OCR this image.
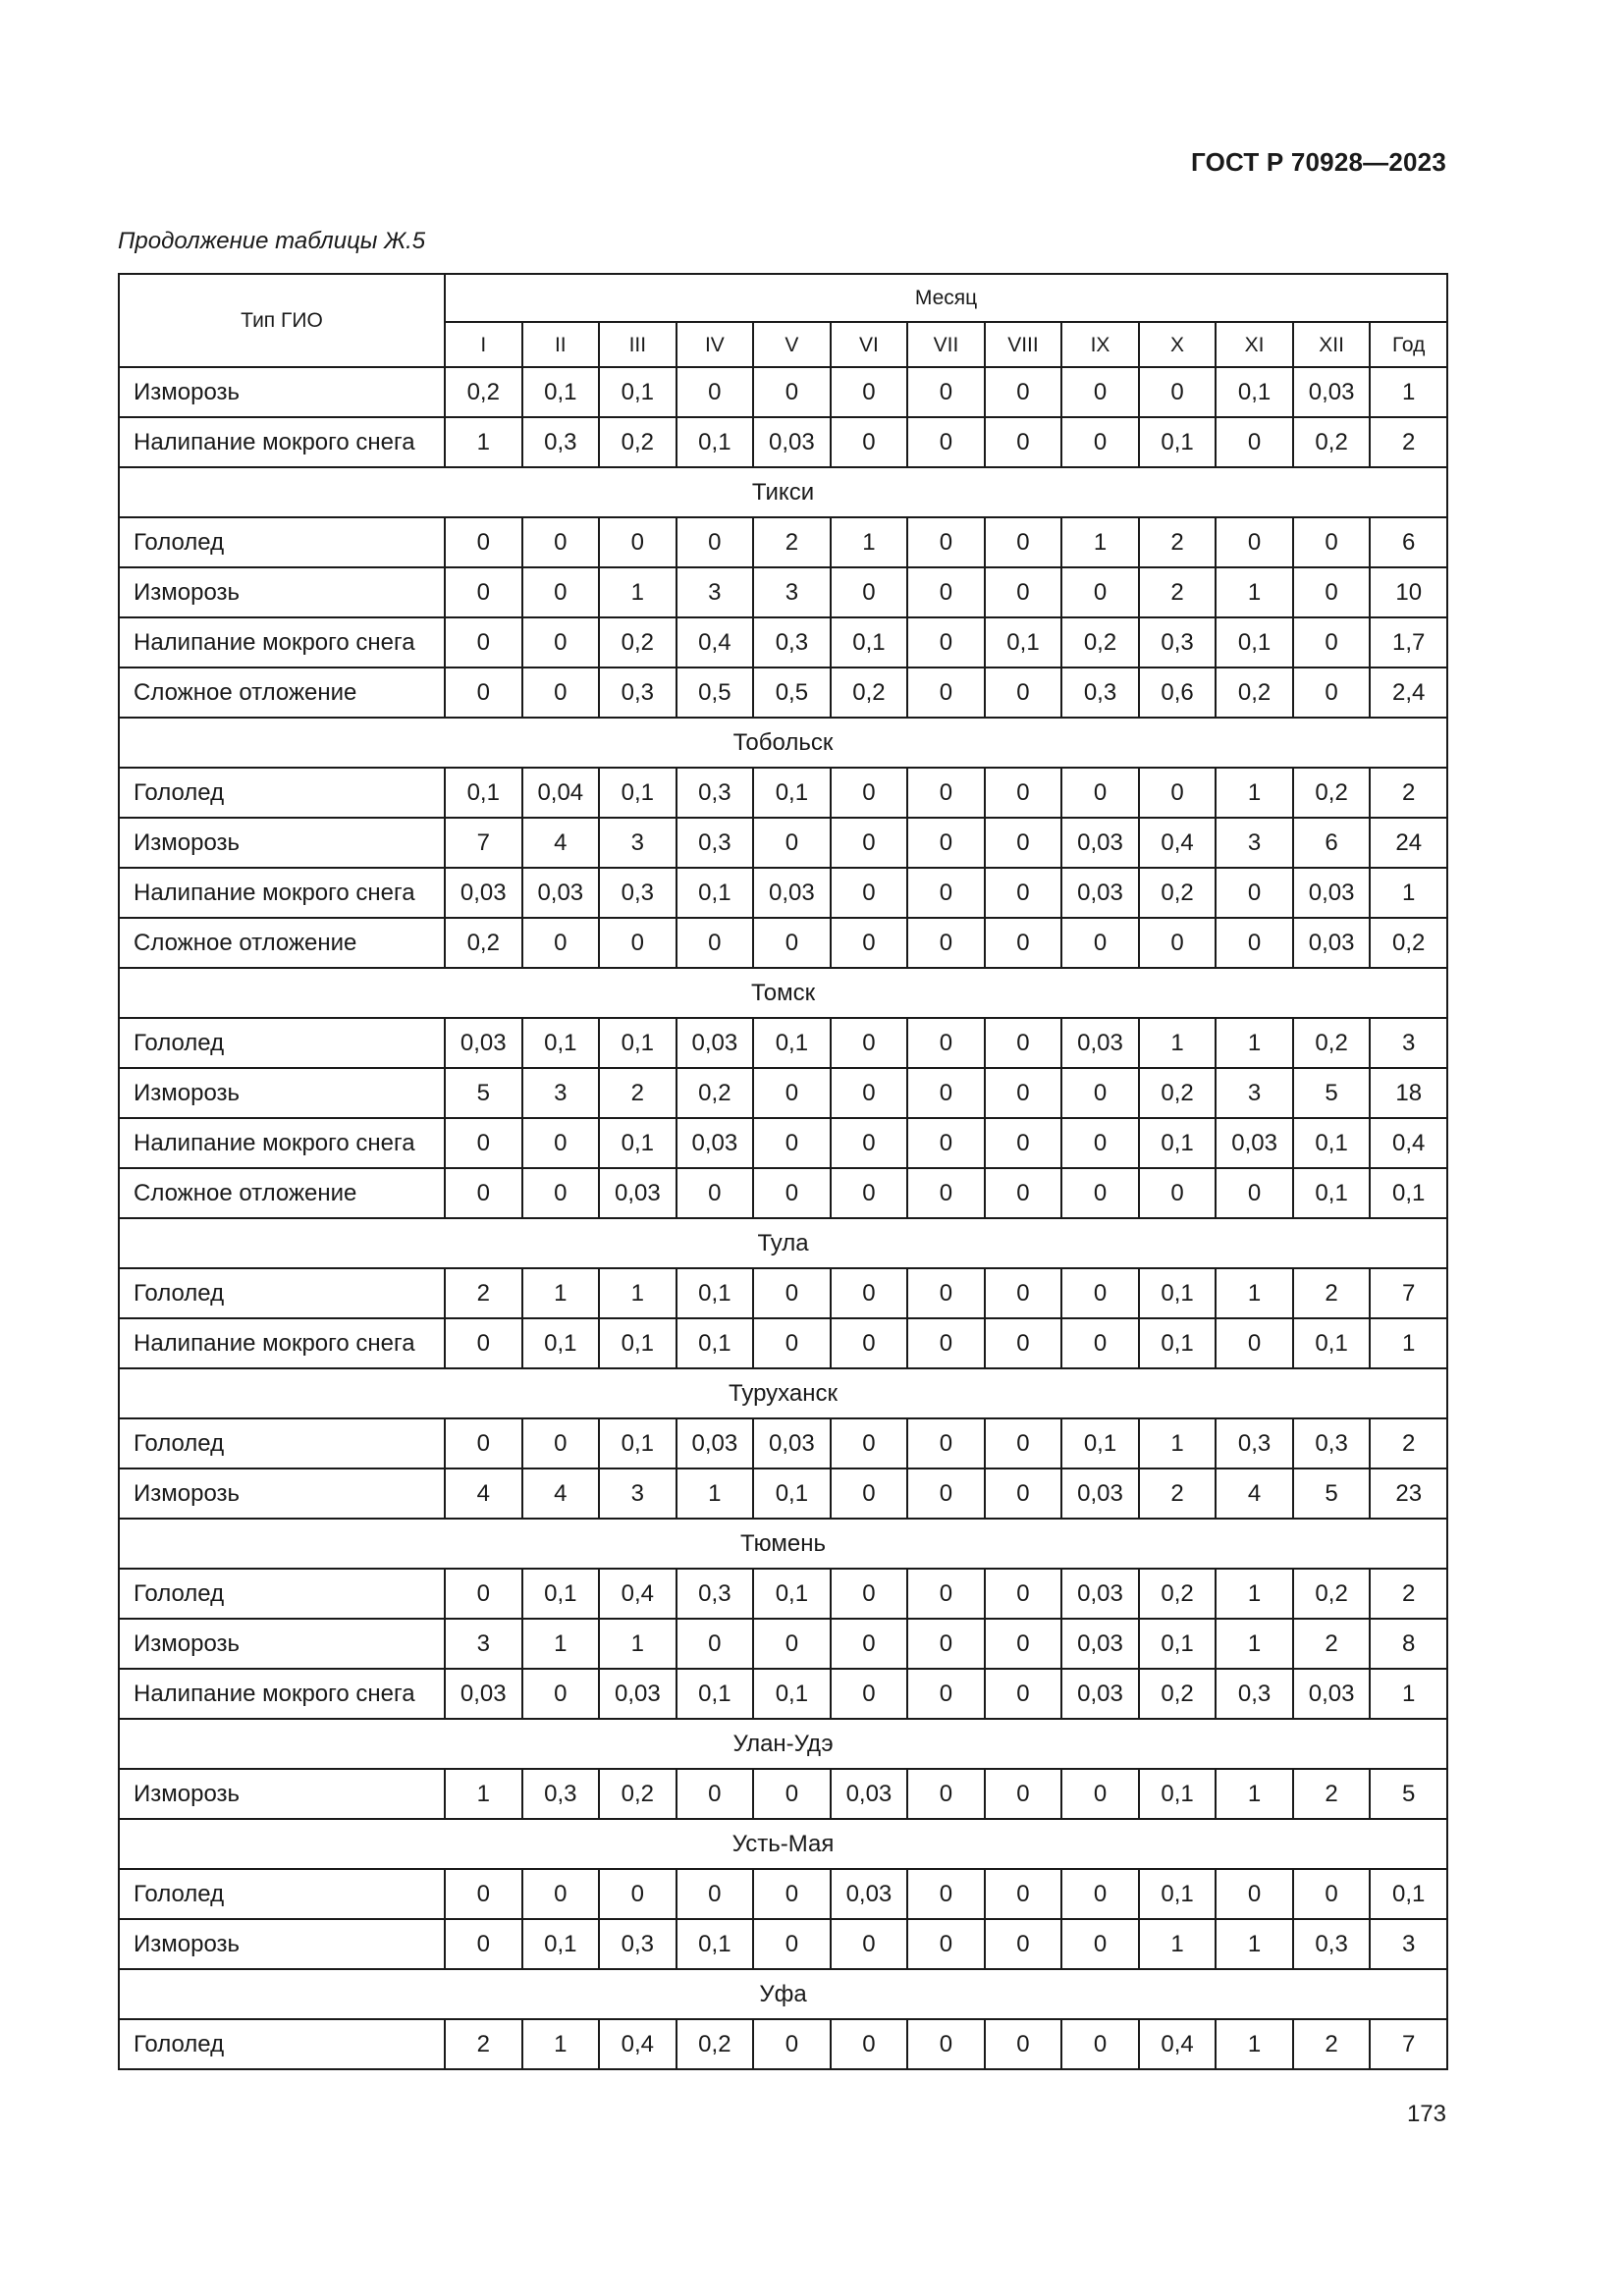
ГОСТ Р 70928—2023
Продолжение таблицы Ж.5
Тип ГИО	Месяц												
	I	II	III	IV	V	VI	VII	VIII	IX	X	XI	XII	Год
Изморозь	0,2	0,1	0,1	0	0	0	0	0	0	0	0,1	0,03	1
Налипание мокрого снега	1	0,3	0,2	0,1	0,03	0	0	0	0	0,1	0	0,2	2
Тикси													
Гололед	0	0	0	0	2	1	0	0	1	2	0	0	6
Изморозь	0	0	1	3	3	0	0	0	0	2	1	0	10
Налипание мокрого снега	0	0	0,2	0,4	0,3	0,1	0	0,1	0,2	0,3	0,1	0	1,7
Сложное отложение	0	0	0,3	0,5	0,5	0,2	0	0	0,3	0,6	0,2	0	2,4
Тобольск													
Гололед	0,1	0,04	0,1	0,3	0,1	0	0	0	0	0	1	0,2	2
Изморозь	7	4	3	0,3	0	0	0	0	0,03	0,4	3	6	24
Налипание мокрого снега	0,03	0,03	0,3	0,1	0,03	0	0	0	0,03	0,2	0	0,03	1
Сложное отложение	0,2	0	0	0	0	0	0	0	0	0	0	0,03	0,2
Томск													
Гололед	0,03	0,1	0,1	0,03	0,1	0	0	0	0,03	1	1	0,2	3
Изморозь	5	3	2	0,2	0	0	0	0	0	0,2	3	5	18
Налипание мокрого снега	0	0	0,1	0,03	0	0	0	0	0	0,1	0,03	0,1	0,4
Сложное отложение	0	0	0,03	0	0	0	0	0	0	0	0	0,1	0,1
Тула													
Гололед	2	1	1	0,1	0	0	0	0	0	0,1	1	2	7
Налипание мокрого снега	0	0,1	0,1	0,1	0	0	0	0	0	0,1	0	0,1	1
Туруханск													
Гололед	0	0	0,1	0,03	0,03	0	0	0	0,1	1	0,3	0,3	2
Изморозь	4	4	3	1	0,1	0	0	0	0,03	2	4	5	23
Тюмень													
Гололед	0	0,1	0,4	0,3	0,1	0	0	0	0,03	0,2	1	0,2	2
Изморозь	3	1	1	0	0	0	0	0	0,03	0,1	1	2	8
Налипание мокрого снега	0,03	0	0,03	0,1	0,1	0	0	0	0,03	0,2	0,3	0,03	1
Улан-Удэ													
Изморозь	1	0,3	0,2	0	0	0,03	0	0	0	0,1	1	2	5
Усть-Мая													
Гололед	0	0	0	0	0	0,03	0	0	0	0,1	0	0	0,1
Изморозь	0	0,1	0,3	0,1	0	0	0	0	0	1	1	0,3	3
Уфа													
Гололед	2	1	0,4	0,2	0	0	0	0	0	0,4	1	2	7
173
